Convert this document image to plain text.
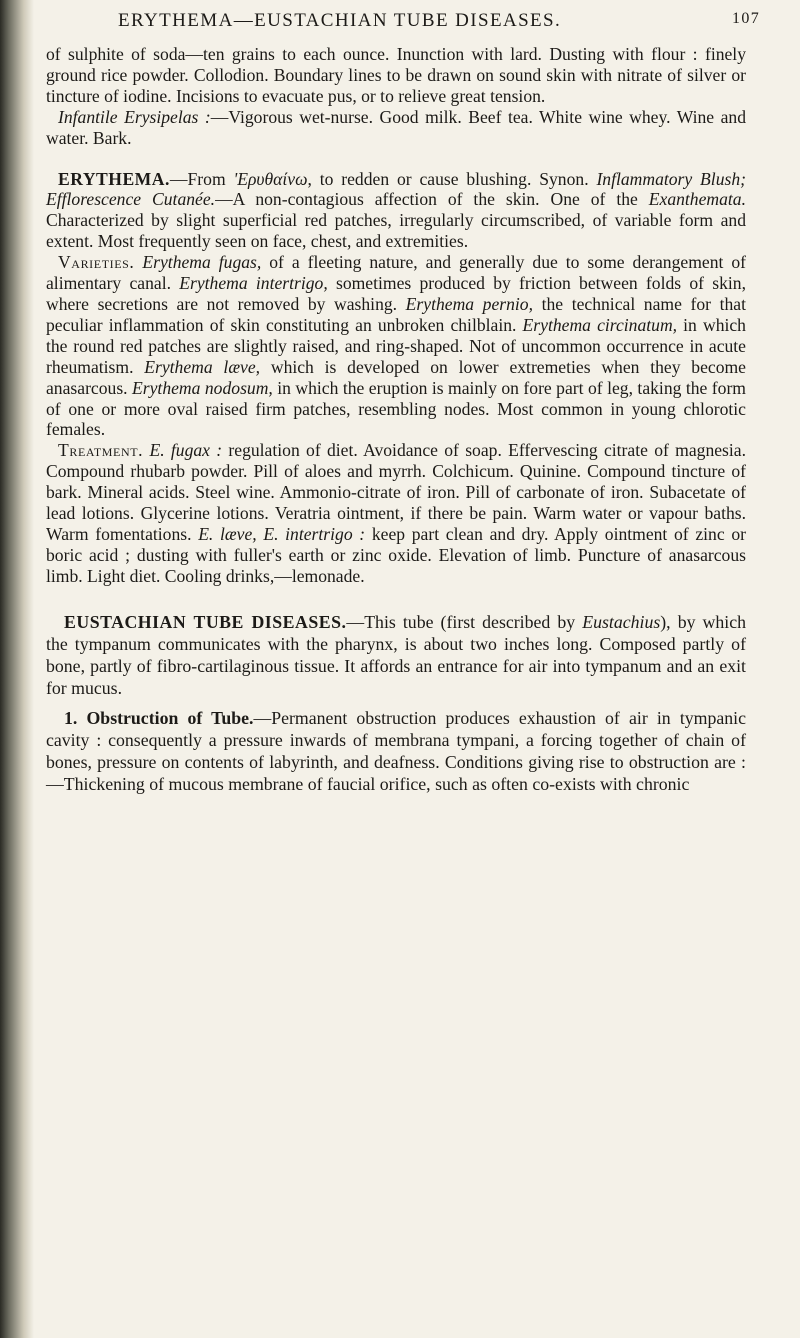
ERYTHEMA—EUSTACHIAN TUBE DISEASES.	107

of sulphite of soda—ten grains to each ounce. Inunction with lard. Dusting with flour : finely ground rice powder. Collodion. Boundary lines to be drawn on sound skin with nitrate of silver or tincture of iodine. Incisions to evacuate pus, or to relieve great tension.

Infantile Erysipelas :—Vigorous wet-nurse. Good milk. Beef tea. White wine whey. Wine and water. Bark.

ERYTHEMA.—From 'Ερυθαίνω, to redden or cause blushing. Synon. Inflammatory Blush; Efflorescence Cutanée.—A non-contagious affection of the skin. One of the Exanthemata. Characterized by slight superficial red patches, irregularly circumscribed, of variable form and extent. Most frequently seen on face, chest, and extremities.

Varieties. Erythema fugas, of a fleeting nature, and generally due to some derangement of alimentary canal. Erythema intertrigo, sometimes produced by friction between folds of skin, where secretions are not removed by washing. Erythema pernio, the technical name for that peculiar inflammation of skin constituting an unbroken chilblain. Erythema circinatum, in which the round red patches are slightly raised, and ring-shaped. Not of uncommon occurrence in acute rheumatism. Erythema læve, which is developed on lower extremeties when they become anasarcous. Erythema nodosum, in which the eruption is mainly on fore part of leg, taking the form of one or more oval raised firm patches, resembling nodes. Most common in young chlorotic females.

Treatment. E. fugax : regulation of diet. Avoidance of soap. Effervescing citrate of magnesia. Compound rhubarb powder. Pill of aloes and myrrh. Colchicum. Quinine. Compound tincture of bark. Mineral acids. Steel wine. Ammonio-citrate of iron. Pill of carbonate of iron. Subacetate of lead lotions. Glycerine lotions. Veratria ointment, if there be pain. Warm water or vapour baths. Warm fomentations. E. læve, E. intertrigo : keep part clean and dry. Apply ointment of zinc or boric acid ; dusting with fuller's earth or zinc oxide. Elevation of limb. Puncture of anasarcous limb. Light diet. Cooling drinks,—lemonade.

EUSTACHIAN TUBE DISEASES.—This tube (first described by Eustachius), by which the tympanum communicates with the pharynx, is about two inches long. Composed partly of bone, partly of fibro-cartilaginous tissue. It affords an entrance for air into tympanum and an exit for mucus.

1. Obstruction of Tube.—Permanent obstruction produces exhaustion of air in tympanic cavity : consequently a pressure inwards of membrana tympani, a forcing together of chain of bones, pressure on contents of labyrinth, and deafness. Conditions giving rise to obstruction are :—Thickening of mucous membrane of faucial orifice, such as often co-exists with chronic
